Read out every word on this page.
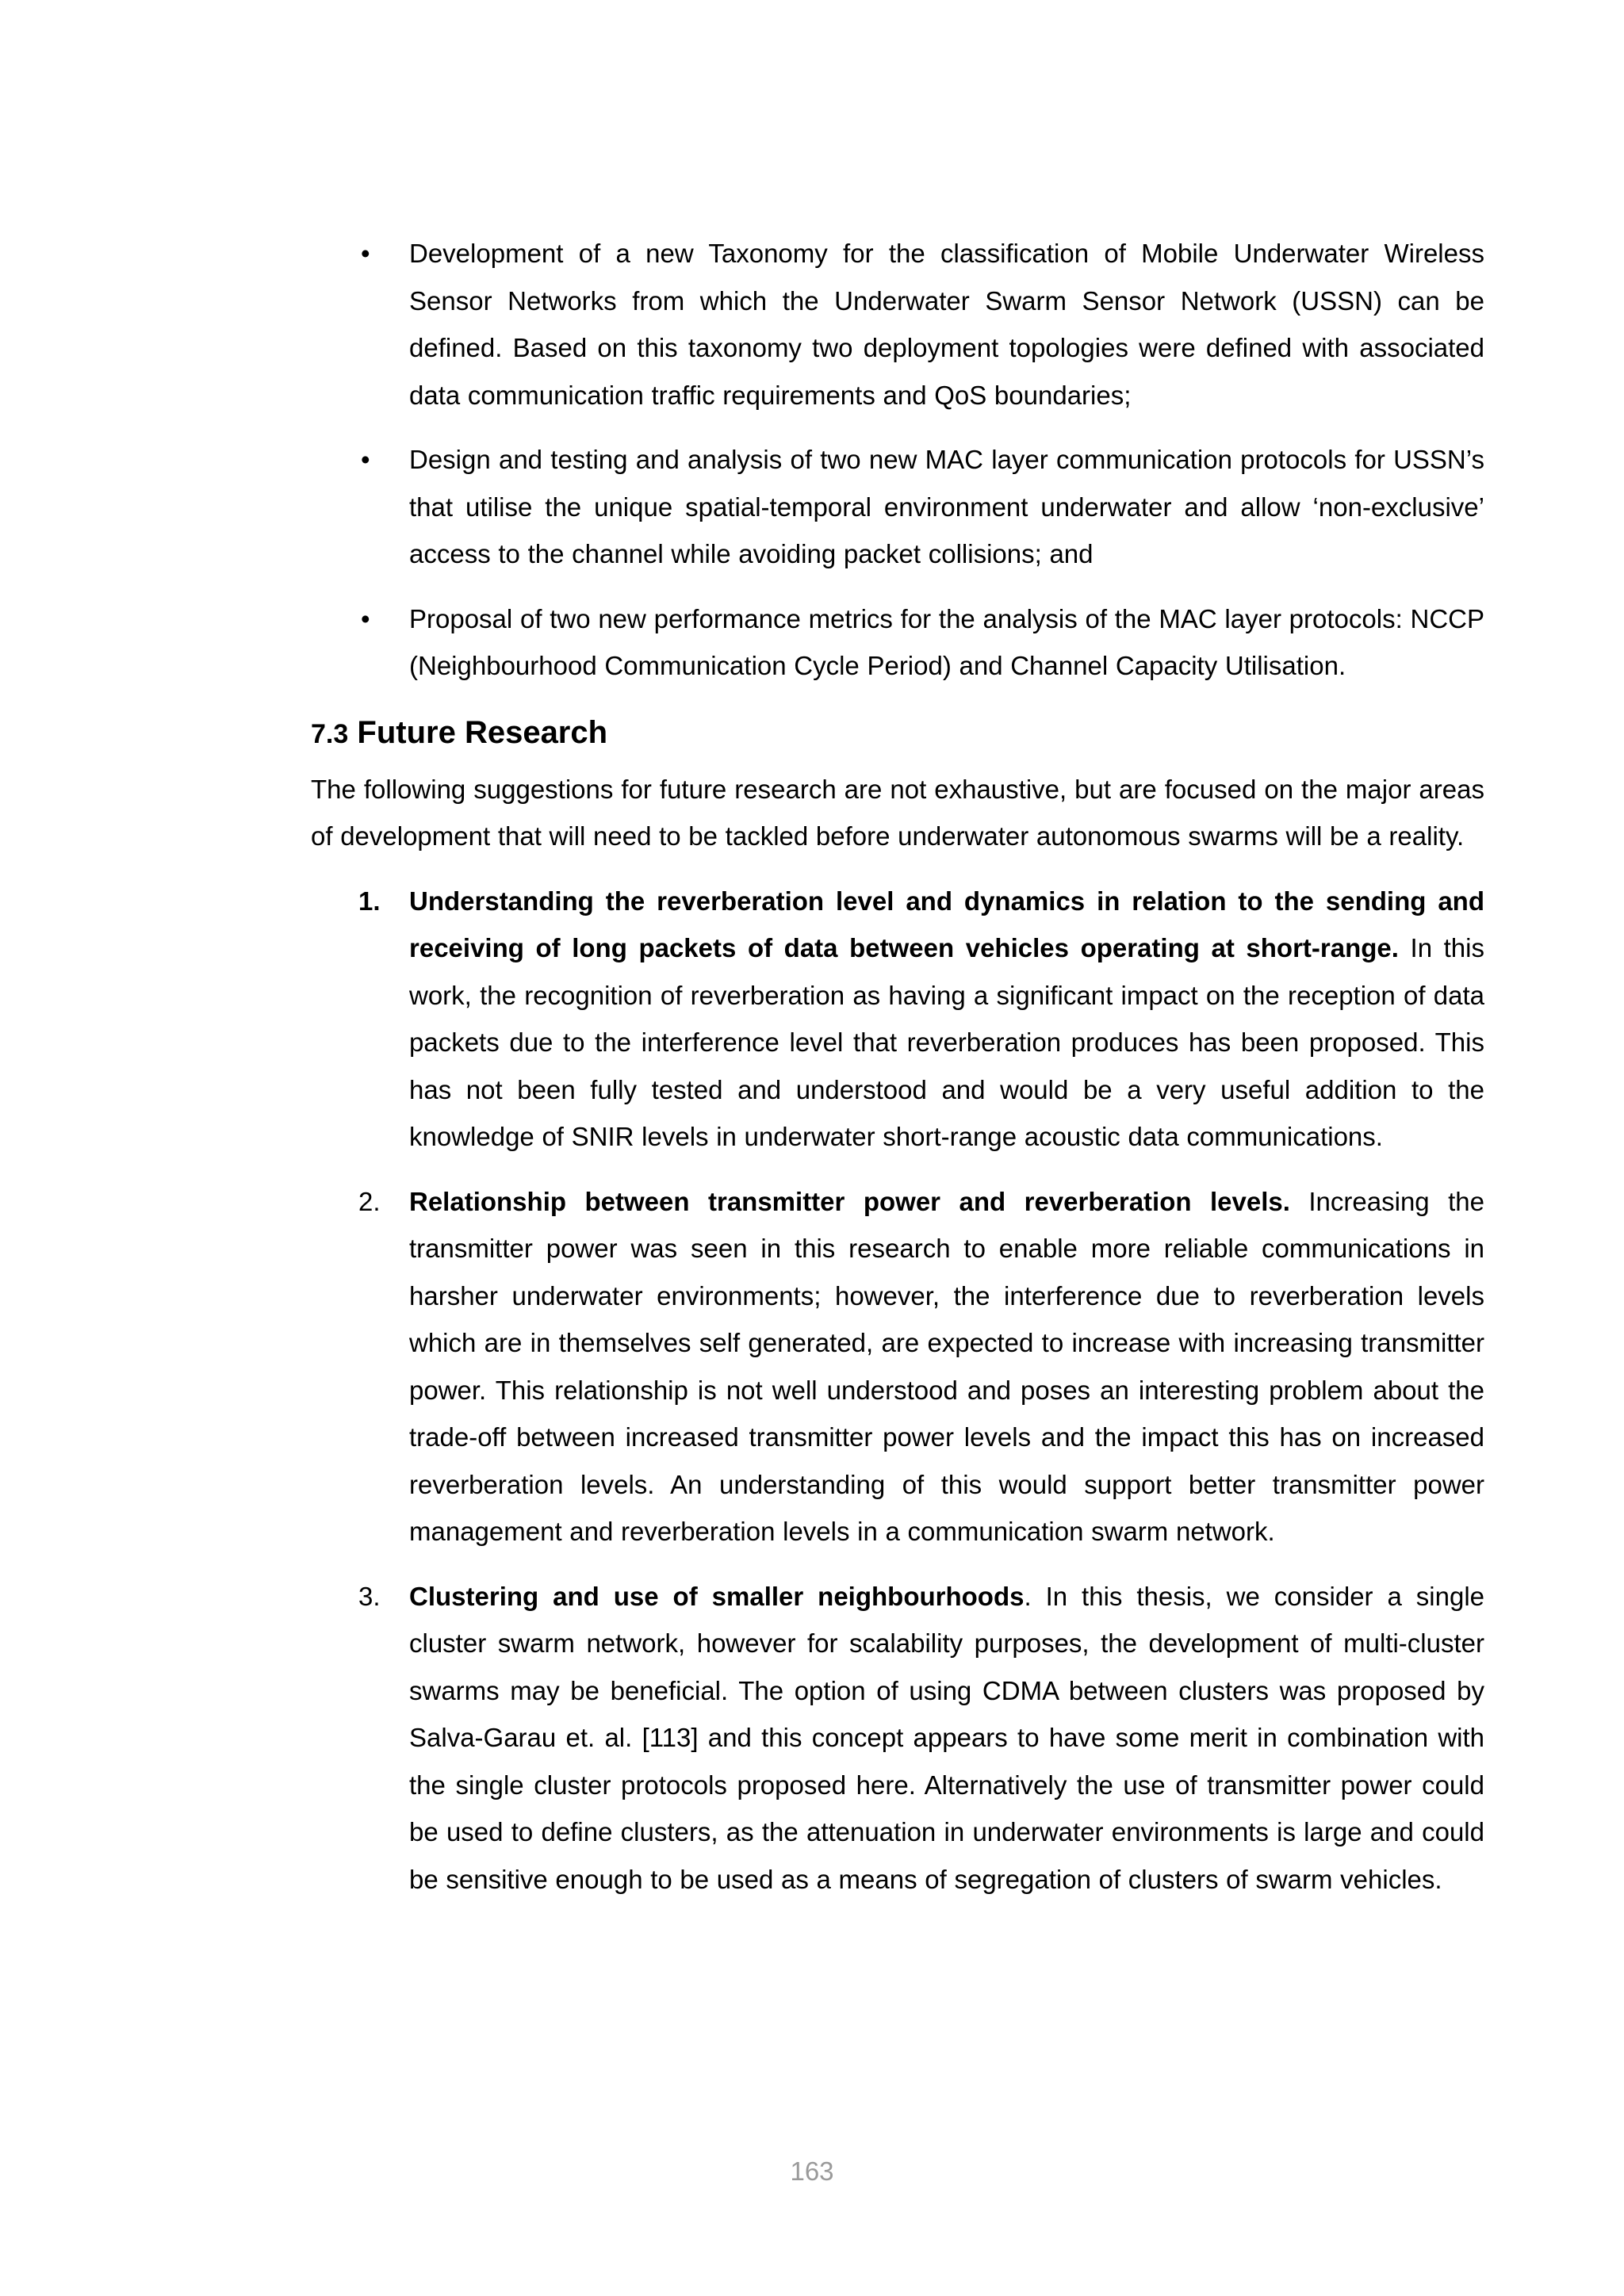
• Development of a new Taxonomy for the classification of Mobile Underwater Wireless Sensor Networks from which the Underwater Swarm Sensor Network (USSN) can be defined. Based on this taxonomy two deployment topologies were defined with associated data communication traffic requirements and QoS boundaries;

• Design and testing and analysis of two new MAC layer communication protocols for USSN’s that utilise the unique spatial-temporal environment underwater and allow ‘non-exclusive’ access to the channel while avoiding packet collisions; and

• Proposal of two new performance metrics for the analysis of the MAC layer protocols: NCCP (Neighbourhood Communication Cycle Period) and Channel Capacity Utilisation.

7.3 Future Research

The following suggestions for future research are not exhaustive, but are focused on the major areas of development that will need to be tackled before underwater autonomous swarms will be a reality.

1. Understanding the reverberation level and dynamics in relation to the sending and receiving of long packets of data between vehicles operating at short-range. In this work, the recognition of reverberation as having a significant impact on the reception of data packets due to the interference level that reverberation produces has been proposed. This has not been fully tested and understood and would be a very useful addition to the knowledge of SNIR levels in underwater short-range acoustic data communications.

2. Relationship between transmitter power and reverberation levels. Increasing the transmitter power was seen in this research to enable more reliable communications in harsher underwater environments; however, the interference due to reverberation levels which are in themselves self generated, are expected to increase with increasing transmitter power. This relationship is not well understood and poses an interesting problem about the trade-off between increased transmitter power levels and the impact this has on increased reverberation levels. An understanding of this would support better transmitter power management and reverberation levels in a communication swarm network.

3. Clustering and use of smaller neighbourhoods. In this thesis, we consider a single cluster swarm network, however for scalability purposes, the development of multi-cluster swarms may be beneficial. The option of using CDMA between clusters was proposed by Salva-Garau et. al. [113] and this concept appears to have some merit in combination with the single cluster protocols proposed here. Alternatively the use of transmitter power could be used to define clusters, as the attenuation in underwater environments is large and could be sensitive enough to be used as a means of segregation of clusters of swarm vehicles.

163
